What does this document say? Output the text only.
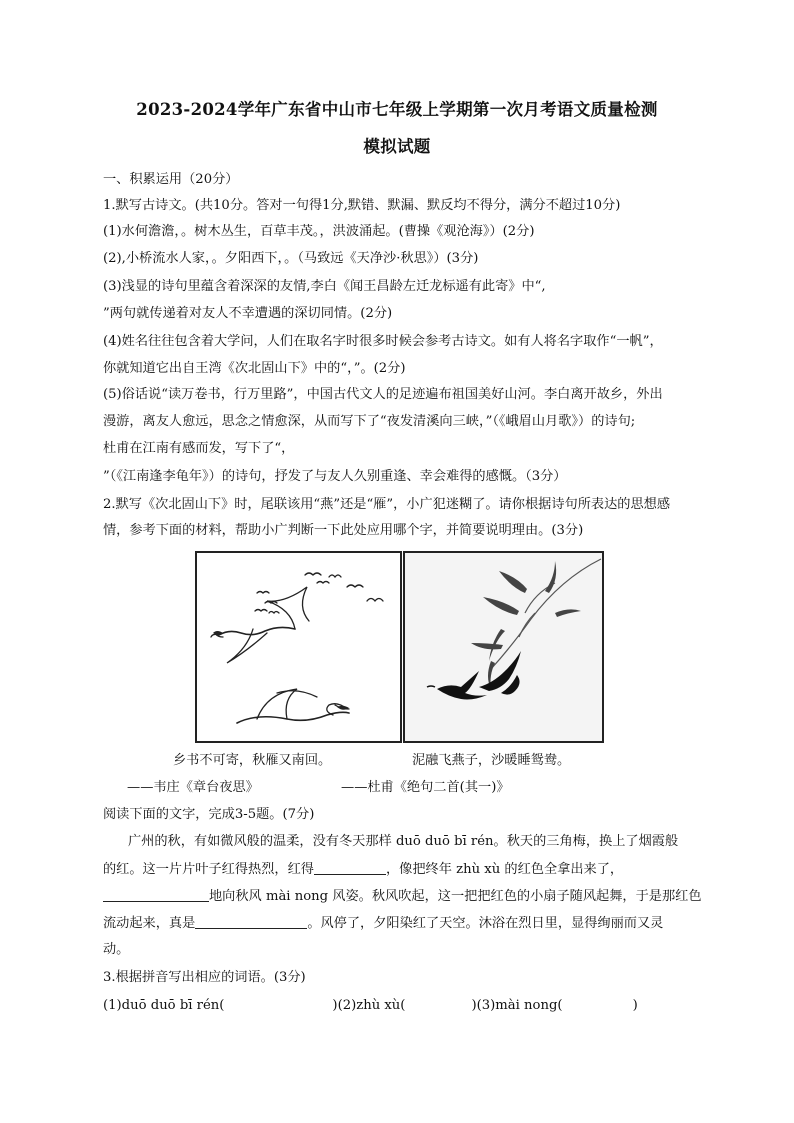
2023-2024学年广东省中山市七年级上学期第一次月考语文质量检测
模拟试题
一、积累运用（20分）
1.默写古诗文。(共10分。答对一句得1分,默错、默漏、默反均不得分，满分不超过10分)
(1)水何澹澹，。树木丛生，百草丰茂。，洪波涌起。(曹操《观沧海》）(2分)
(2),小桥流水人家，。夕阳西下，。（马致远《天净沙·秋思》）(3分)
(3)浅显的诗句里蕴含着深深的友情,李白《闻王昌龄左迁龙标遥有此寄》中“,
”两句就传递着对友人不幸遭遇的深切同情。(2分)
(4)姓名往往包含着大学问，人们在取名字时很多时候会参考古诗文。如有人将名字取作“一帆”，
你就知道它出自王湾《次北固山下》中的“，”。(2分)
(5)俗话说“读万卷书，行万里路”，中国古代文人的足迹遍布祖国美好山河。李白离开故乡，外出
漫游，离友人愈远，思念之情愈深，从而写下了“夜发清溪向三峡，”（《峨眉山月歌》）的诗句;
杜甫在江南有感而发，写下了“，
”（《江南逢李龟年》）的诗句，抒发了与友人久别重逢、幸会难得的感慨。（3分）
2.默写《次北固山下》时，尾联该用“燕”还是“雁”，小广犯迷糊了。请你根据诗句所表达的思想感
情，参考下面的材料，帮助小广判断一下此处应用哪个字，并简要说明理由。(3分)
乡书不可寄，秋雁又南回。	泥融飞燕子，沙暖睡鸳鸯。
——韦庄《章台夜思》	——杜甫《绝句二首(其一)》
阅读下面的文字，完成3-5题。(7分)
广州的秋，有如微风般的温柔，没有冬天那样 duō duō bī rén。秋天的三角梅，换上了烟霞般
的红。这一片片叶子红得热烈，红得	，像把终年 zhù xù 的红色全拿出来了，
地向秋风 mài nong 风姿。秋风吹起，这一把把红色的小扇子随风起舞，于是那红色
流动起来，真是	。风停了，夕阳染红了天空。沐浴在烈日里，显得绚丽而又灵
动。
3.根据拼音写出相应的词语。(3分)
(1)duō duō bī rén(	)(2)zhù xù(	)(3)mài nong(	)
